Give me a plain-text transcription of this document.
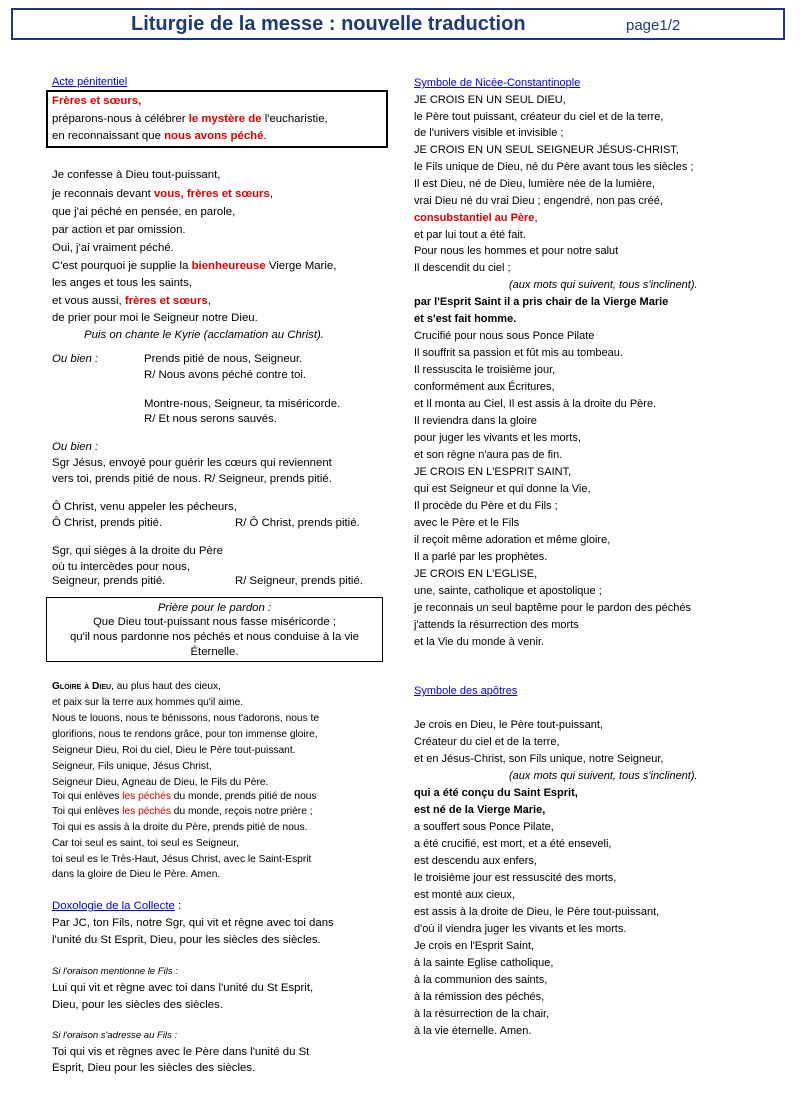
Liturgie de la messe : nouvelle traduction	page1/2
Acte pénitentiel
Frères et sœurs,
préparons-nous à célébrer le mystère de l'eucharistie,
en reconnaissant que nous avons péché.
Je confesse à Dieu tout-puissant,
je reconnais devant vous, frères et sœurs,
que j'ai péché en pensée, en parole,
par action et par omission.
Oui, j'ai vraiment péché.
C'est pourquoi je supplie la bienheureuse Vierge Marie,
les anges et tous les saints,
et vous aussi, frères et sœurs,
de prier pour moi le Seigneur notre Dieu.
Puis on chante le Kyrie (acclamation au Christ).
Ou bien :	Prends pitié de nous, Seigneur.
R/ Nous avons péché contre toi.
Montre-nous, Seigneur, ta miséricorde.
R/ Et nous serons sauvés.
Ou bien :
Sgr Jésus, envoyé pour guérir les cœurs qui reviennent
vers toi, prends pitié de nous. R/ Seigneur, prends pitié.
Ô Christ, venu appeler les pécheurs,
Ô Christ, prends pitié.	R/ Ô Christ, prends pitié.
Sgr, qui sièges à la droite du Père
où tu intercèdes pour nous,
Seigneur, prends pitié.	R/ Seigneur, prends pitié.
Prière pour le pardon :
Que Dieu tout-puissant nous fasse miséricorde ;
qu'il nous pardonne nos péchés et nous conduise à la vie
Éternelle.
Gloire à Dieu, au plus haut des cieux,
et paix sur la terre aux hommes qu'il aime.
Nous te louons, nous te bénissons, nous t'adorons, nous te
glorifions, nous te rendons grâce, pour ton immense gloire,
Seigneur Dieu, Roi du ciel, Dieu le Père tout-puissant.
Seigneur, Fils unique, Jésus Christ,
Seigneur Dieu, Agneau de Dieu, le Fils du Père.
Toi qui enlèves les péchés du monde, prends pitié de nous
Toi qui enlèves les péchés du monde, reçois notre prière ;
Toi qui es assis à la droite du Père, prends pitié de nous.
Car toi seul es saint, toi seul es Seigneur,
toi seul es le Très-Haut, Jésus Christ, avec le Saint-Esprit
dans la gloire de Dieu le Père. Amen.
Doxologie de la Collecte :
Par JC, ton Fils, notre Sgr, qui vit et règne avec toi dans
l'unité du St Esprit, Dieu, pour les siècles des siècles.
Si l'oraison mentionne le Fils :
Lui qui vit et règne avec toi dans l'unité du St Esprit,
Dieu, pour les siècles des siècles.
Si l'oraison s'adresse au Fils :
Toi qui vis et règnes avec le Père dans l'unité du St
Esprit, Dieu pour les siècles des siècles.
Symbole de Nicée-Constantinople
JE CROIS EN UN SEUL DIEU,
le Père tout puissant, créateur du ciel et de la terre,
de l'univers visible et invisible ;
JE CROIS EN UN SEUL SEIGNEUR JÉSUS-CHRIST,
le Fils unique de Dieu, né du Père avant tous les siècles ;
Il est Dieu, né de Dieu, lumière née de la lumière,
vrai Dieu né du vrai Dieu ; engendré, non pas créé,
consubstantiel au Père,
et par lui tout a été fait.
Pour nous les hommes et pour notre salut
Il descendit du ciel ;
(aux mots qui suivent, tous s'inclinent).
par l'Esprit Saint il a pris chair de la Vierge Marie
et s'est fait homme.
Crucifié pour nous sous Ponce Pilate
Il souffrit sa passion et fût mis au tombeau.
Il ressuscita le troisième jour,
conformément aux Écritures,
et Il monta au Ciel, Il est assis à la droite du Père.
Il reviendra dans la gloire
pour juger les vivants et les morts,
et son règne n'aura pas de fin.
JE CROIS EN L'ESPRIT SAINT,
qui est Seigneur et qui donne la Vie,
Il procède du Père et du Fils ;
avec le Père et le Fils
il reçoit même adoration et même gloire,
Il a parlé par les prophètes.
JE CROIS EN L'EGLISE,
une, sainte, catholique et apostolique ;
je reconnais un seul baptême pour le pardon des péchés
j'attends la résurrection des morts
et la Vie du monde à venir.
Symbole des apôtres
Je crois en Dieu, le Père tout-puissant,
Créateur du ciel et de la terre,
et en Jésus-Christ, son Fils unique, notre Seigneur,
(aux mots qui suivent, tous s'inclinent).
qui a été conçu du Saint Esprit,
est né de la Vierge Marie,
a souffert sous Ponce Pilate,
a été crucifié, est mort, et a été enseveli,
est descendu aux enfers,
le troisième jour est ressuscité des morts,
est monté aux cieux,
est assis à la droite de Dieu, le Père tout-puissant,
d'où il viendra juger les vivants et les morts.
Je crois en l'Esprit Saint,
à la sainte Eglise catholique,
à la communion des saints,
à la rémission des péchés,
à la résurrection de la chair,
à la vie éternelle. Amen.
